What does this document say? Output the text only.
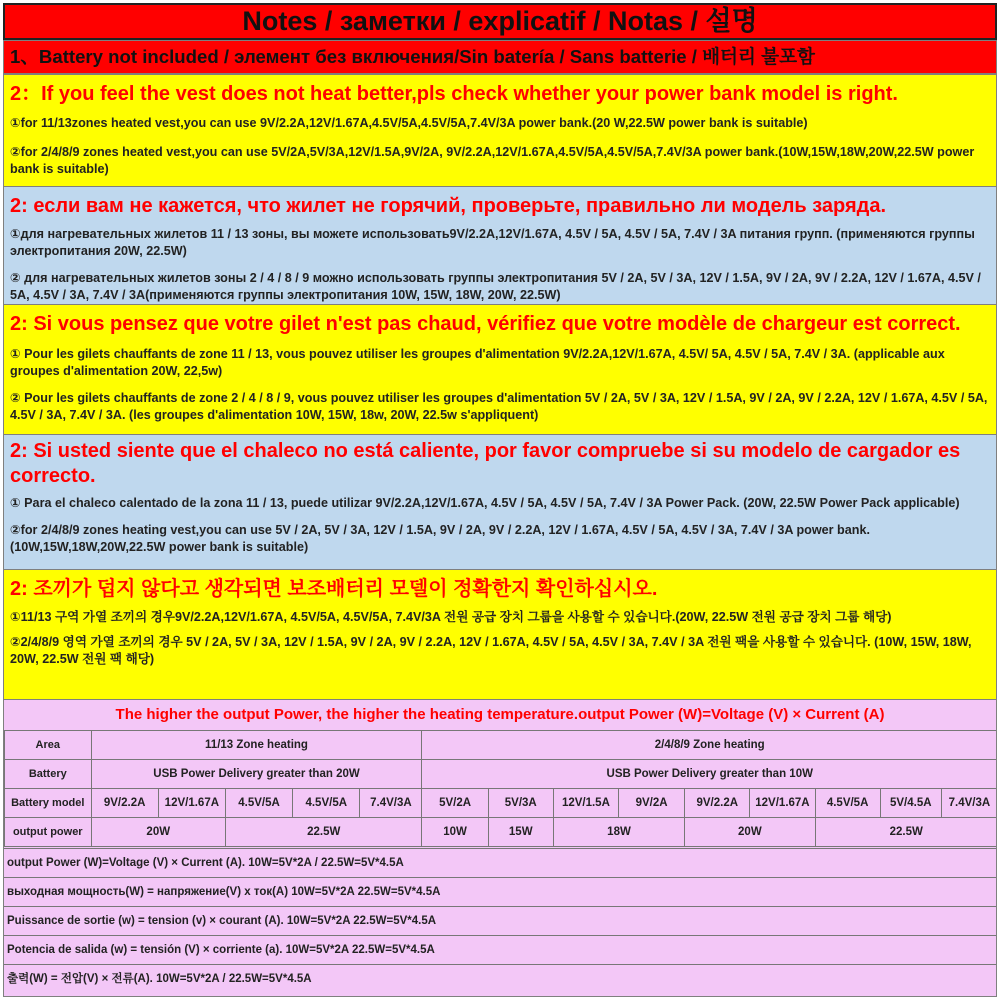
Notes / заметки / explicatif / Notas / 설명
1、Battery not included / элемент без включения/Sin batería / Sans batterie / 배터리 불포함
2：If you feel the vest does not heat better,pls check whether your power bank model is right.
①for 11/13zones heated vest,you can use 9V/2.2A,12V/1.67A,4.5V/5A,4.5V/5A,7.4V/3A power bank.(20 W,22.5W power bank is suitable)
②for 2/4/8/9 zones heated vest,you can use 5V/2A,5V/3A,12V/1.5A,9V/2A, 9V/2.2A,12V/1.67A,4.5V/5A,4.5V/5A,7.4V/3A power bank.(10W,15W,18W,20W,22.5W power bank is suitable)
2: если вам не кажется, что жилет не горячий, проверьте, правильно ли модель заряда.
①для нагревательных жилетов 11 / 13 зоны, вы можете использовать9V/2.2A,12V/1.67A, 4.5V / 5A, 4.5V / 5A, 7.4V / 3A питания групп. (применяются группы электропитания 20W, 22.5W)
② для нагревательных жилетов зоны 2 / 4 / 8 / 9 можно использовать группы электропитания 5V / 2A, 5V / 3A, 12V / 1.5A, 9V / 2A, 9V / 2.2A, 12V / 1.67A, 4.5V / 5A, 4.5V / 3A, 7.4V / 3A(применяются группы электропитания 10W, 15W, 18W, 20W, 22.5W)
2: Si vous pensez que votre gilet n'est pas chaud, vérifiez que votre modèle de chargeur est correct.
① Pour les gilets chauffants de zone 11 / 13, vous pouvez utiliser les groupes d'alimentation 9V/2.2A,12V/1.67A, 4.5V/ 5A, 4.5V / 5A, 7.4V / 3A. (applicable aux groupes d'alimentation 20W, 22,5w)
② Pour les gilets chauffants de zone 2 / 4 / 8 / 9, vous pouvez utiliser les groupes d'alimentation 5V / 2A, 5V / 3A, 12V / 1.5A, 9V / 2A, 9V / 2.2A, 12V / 1.67A, 4.5V / 5A, 4.5V / 3A, 7.4V / 3A. (les groupes d'alimentation 10W, 15W, 18w, 20W, 22.5w s'appliquent)
2: Si usted siente que el chaleco no está caliente, por favor compruebe si su modelo de cargador es correcto.
① Para el chaleco calentado de la zona 11 / 13, puede utilizar 9V/2.2A,12V/1.67A, 4.5V / 5A, 4.5V / 5A, 7.4V / 3A Power Pack. (20W, 22.5W Power Pack applicable)
②for 2/4/8/9 zones heating vest,you can use 5V / 2A, 5V / 3A, 12V / 1.5A, 9V / 2A, 9V / 2.2A, 12V / 1.67A, 4.5V / 5A, 4.5V / 3A, 7.4V / 3A power bank.(10W,15W,18W,20W,22.5W power bank is suitable)
2: 조끼가 덥지 않다고 생각되면 보조배터리 모델이 정확한지 확인하십시오.
①11/13 구역 가열 조끼의 경우9V/2.2A,12V/1.67A, 4.5V/5A, 4.5V/5A, 7.4V/3A 전원 공급 장치 그룹을 사용할 수 있습니다.(20W, 22.5W 전원 공급 장치 그룹 해당)
②2/4/8/9 영역 가열 조끼의 경우 5V / 2A, 5V / 3A, 12V / 1.5A, 9V / 2A, 9V / 2.2A, 12V / 1.67A, 4.5V / 5A, 4.5V / 3A, 7.4V / 3A 전원 팩을 사용할 수 있습니다. (10W, 15W, 18W, 20W, 22.5W 전원 팩 해당)
The higher the output Power, the higher the heating temperature.output Power (W)=Voltage (V) × Current (A)
Area	11/13 Zone heating					2/4/8/9 Zone heating								
Battery	USB Power Delivery greater than 20W					USB Power Delivery greater than 10W								
Battery model	9V/2.2A	12V/1.67A	4.5V/5A	4.5V/5A	7.4V/3A	5V/2A	5V/3A	12V/1.5A	9V/2A	9V/2.2A	12V/1.67A	4.5V/5A	5V/4.5A	7.4V/3A
output power	20W		22.5W			10W	15W	18W		20W		22.5W		
output Power (W)=Voltage (V) × Current (A). 10W=5V*2A / 22.5W=5V*4.5A
выходная мощность(W) = напряжение(V) х ток(A) 10W=5V*2A 22.5W=5V*4.5A
Puissance de sortie (w) = tension (v) × courant (A). 10W=5V*2A 22.5W=5V*4.5A
Potencia de salida (w) = tensión (V) × corriente (a). 10W=5V*2A 22.5W=5V*4.5A
출력(W) = 전압(V) × 전류(A). 10W=5V*2A / 22.5W=5V*4.5A
